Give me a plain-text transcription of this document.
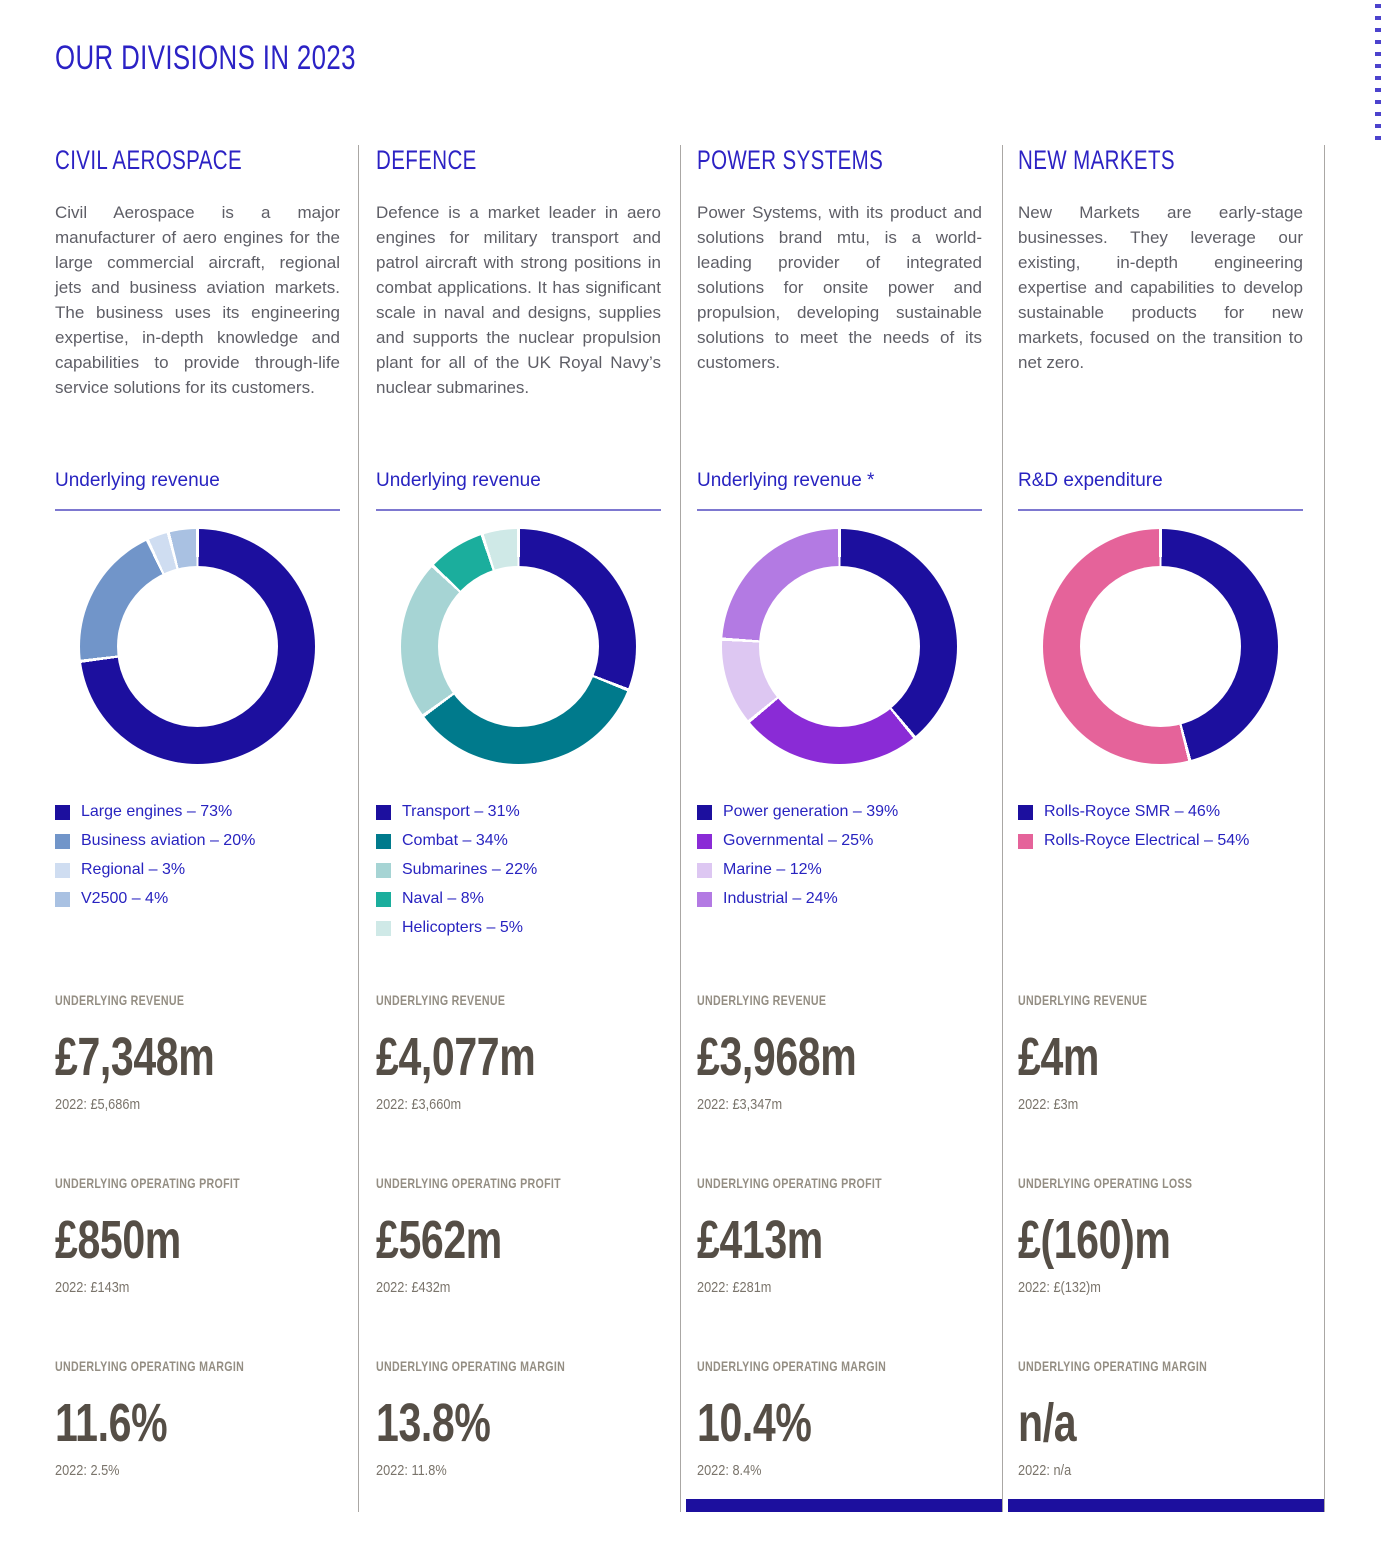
OUR DIVISIONS IN 2023
CIVIL AEROSPACE

Civil Aerospace is a major manufacturer of aero engines for the large commercial aircraft, regional jets and business aviation markets. The business uses its engineering expertise, in-depth knowledge and capabilities to provide through-life service solutions for its customers.

Underlying revenue
Large engines – 73%
Business aviation – 20%
Regional – 3%
V2500 – 4%
UNDERLYING REVENUE
£7,348m
2022: £5,686m
UNDERLYING OPERATING PROFIT
£850m
2022: £143m
UNDERLYING OPERATING MARGIN
11.6%
2022: 2.5%
DEFENCE

Defence is a market leader in aero engines for military transport and patrol aircraft with strong positions in combat applications. It has significant scale in naval and designs, supplies and supports the nuclear propulsion plant for all of the UK Royal Navy’s nuclear submarines.

Underlying revenue
Transport – 31%
Combat – 34%
Submarines – 22%
Naval – 8%
Helicopters – 5%
UNDERLYING REVENUE
£4,077m
2022: £3,660m
UNDERLYING OPERATING PROFIT
£562m
2022: £432m
UNDERLYING OPERATING MARGIN
13.8%
2022: 11.8%
POWER SYSTEMS

Power Systems, with its product and solutions brand mtu, is a world-leading provider of integrated solutions for onsite power and propulsion, developing sustainable solutions to meet the needs of its customers.

Underlying revenue *
Power generation – 39%
Governmental – 25%
Marine – 12%
Industrial – 24%
UNDERLYING REVENUE
£3,968m
2022: £3,347m
UNDERLYING OPERATING PROFIT
£413m
2022: £281m
UNDERLYING OPERATING MARGIN
10.4%
2022: 8.4%
NEW MARKETS

New Markets are early-stage businesses. They leverage our existing, in-depth engineering expertise and capabilities to develop sustainable products for new markets, focused on the transition to net zero.

R&D expenditure
Rolls-Royce SMR – 46%
Rolls-Royce Electrical – 54%
UNDERLYING REVENUE
£4m
2022: £3m
UNDERLYING OPERATING LOSS
£(160)m
2022: £(132)m
UNDERLYING OPERATING MARGIN
n/a
2022: n/a
